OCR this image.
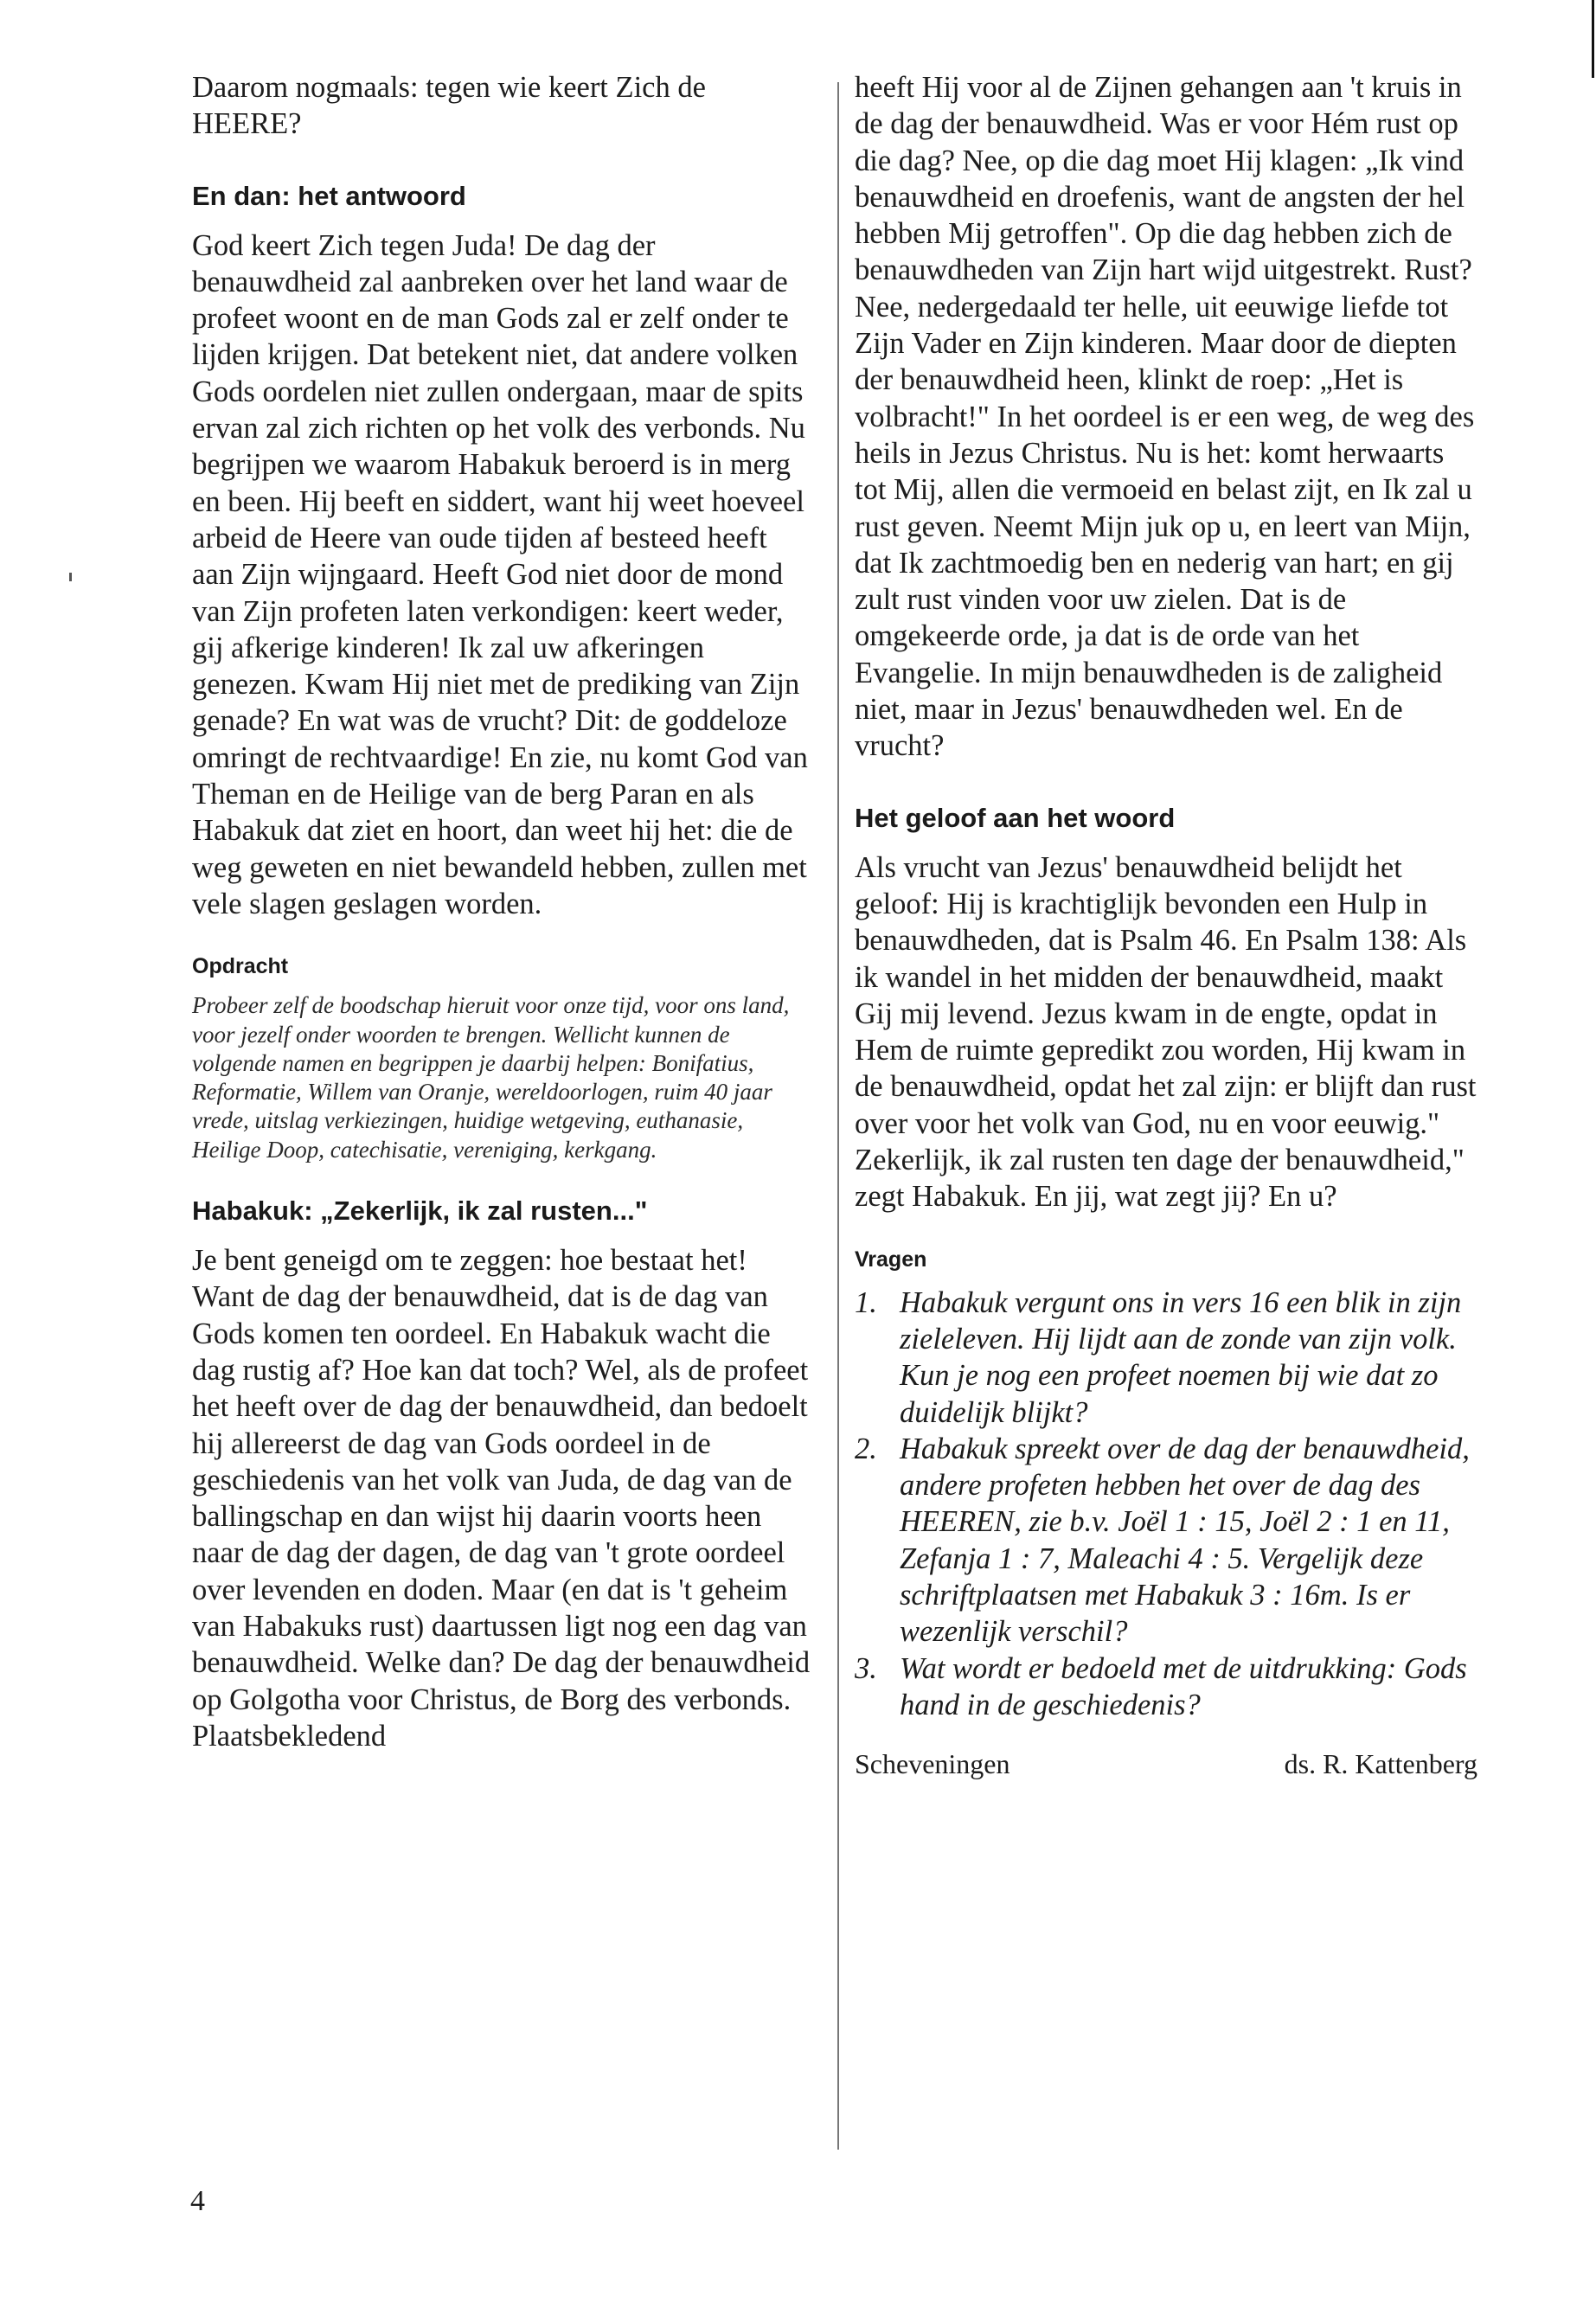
Daarom nogmaals: tegen wie keert Zich de HEERE?

En dan: het antwoord

God keert Zich tegen Juda! De dag der benauwdheid zal aanbreken over het land waar de profeet woont en de man Gods zal er zelf onder te lijden krijgen. Dat betekent niet, dat andere volken Gods oordelen niet zullen ondergaan, maar de spits ervan zal zich richten op het volk des verbonds. Nu begrijpen we waarom Habakuk beroerd is in merg en been. Hij beeft en siddert, want hij weet hoeveel arbeid de Heere van oude tijden af besteed heeft aan Zijn wijngaard. Heeft God niet door de mond van Zijn profeten laten verkondigen: keert weder, gij afkerige kinderen! Ik zal uw afkeringen genezen. Kwam Hij niet met de prediking van Zijn genade? En wat was de vrucht? Dit: de goddeloze omringt de rechtvaardige! En zie, nu komt God van Theman en de Heilige van de berg Paran en als Habakuk dat ziet en hoort, dan weet hij het: die de weg geweten en niet bewandeld hebben, zullen met vele slagen geslagen worden.

Opdracht

Probeer zelf de boodschap hieruit voor onze tijd, voor ons land, voor jezelf onder woorden te brengen. Wellicht kunnen de volgende namen en begrippen je daarbij helpen: Bonifatius, Reformatie, Willem van Oranje, wereldoorlogen, ruim 40 jaar vrede, uitslag verkiezingen, huidige wetgeving, euthanasie, Heilige Doop, catechisatie, vereniging, kerkgang.

Habakuk: „Zekerlijk, ik zal rusten..."

Je bent geneigd om te zeggen: hoe bestaat het! Want de dag der benauwdheid, dat is de dag van Gods komen ten oordeel. En Habakuk wacht die dag rustig af? Hoe kan dat toch? Wel, als de profeet het heeft over de dag der benauwdheid, dan bedoelt hij allereerst de dag van Gods oordeel in de geschiedenis van het volk van Juda, de dag van de ballingschap en dan wijst hij daarin voorts heen naar de dag der dagen, de dag van 't grote oordeel over levenden en doden. Maar (en dat is 't geheim van Habakuks rust) daartussen ligt nog een dag van benauwdheid. Welke dan? De dag der benauwdheid op Golgotha voor Christus, de Borg des verbonds. Plaatsbekledend

heeft Hij voor al de Zijnen gehangen aan 't kruis in de dag der benauwdheid. Was er voor Hém rust op die dag? Nee, op die dag moet Hij klagen: „Ik vind benauwdheid en droefenis, want de angsten der hel hebben Mij getroffen". Op die dag hebben zich de benauwdheden van Zijn hart wijd uitgestrekt. Rust? Nee, nedergedaald ter helle, uit eeuwige liefde tot Zijn Vader en Zijn kinderen. Maar door de diepten der benauwdheid heen, klinkt de roep: „Het is volbracht!" In het oordeel is er een weg, de weg des heils in Jezus Christus. Nu is het: komt herwaarts tot Mij, allen die vermoeid en belast zijt, en Ik zal u rust geven. Neemt Mijn juk op u, en leert van Mijn, dat Ik zachtmoedig ben en nederig van hart; en gij zult rust vinden voor uw zielen. Dat is de omgekeerde orde, ja dat is de orde van het Evangelie. In mijn benauwdheden is de zaligheid niet, maar in Jezus' benauwdheden wel. En de vrucht?

Het geloof aan het woord

Als vrucht van Jezus' benauwdheid belijdt het geloof: Hij is krachtiglijk bevonden een Hulp in benauwdheden, dat is Psalm 46. En Psalm 138: Als ik wandel in het midden der benauwdheid, maakt Gij mij levend. Jezus kwam in de engte, opdat in Hem de ruimte gepredikt zou worden, Hij kwam in de benauwdheid, opdat het zal zijn: er blijft dan rust over voor het volk van God, nu en voor eeuwig." Zekerlijk, ik zal rusten ten dage der benauwdheid," zegt Habakuk. En jij, wat zegt jij? En u?

Vragen
1. Habakuk vergunt ons in vers 16 een blik in zijn zieleleven. Hij lijdt aan de zonde van zijn volk. Kun je nog een profeet noemen bij wie dat zo duidelijk blijkt?
2. Habakuk spreekt over de dag der benauwdheid, andere profeten hebben het over de dag des HEEREN, zie b.v. Joël 1 : 15, Joël 2 : 1 en 11, Zefanja 1 : 7, Maleachi 4 : 5. Vergelijk deze schriftplaatsen met Habakuk 3 : 16m. Is er wezenlijk verschil?
3. Wat wordt er bedoeld met de uitdrukking: Gods hand in de geschiedenis?
Scheveningen	ds. R. Kattenberg
4
